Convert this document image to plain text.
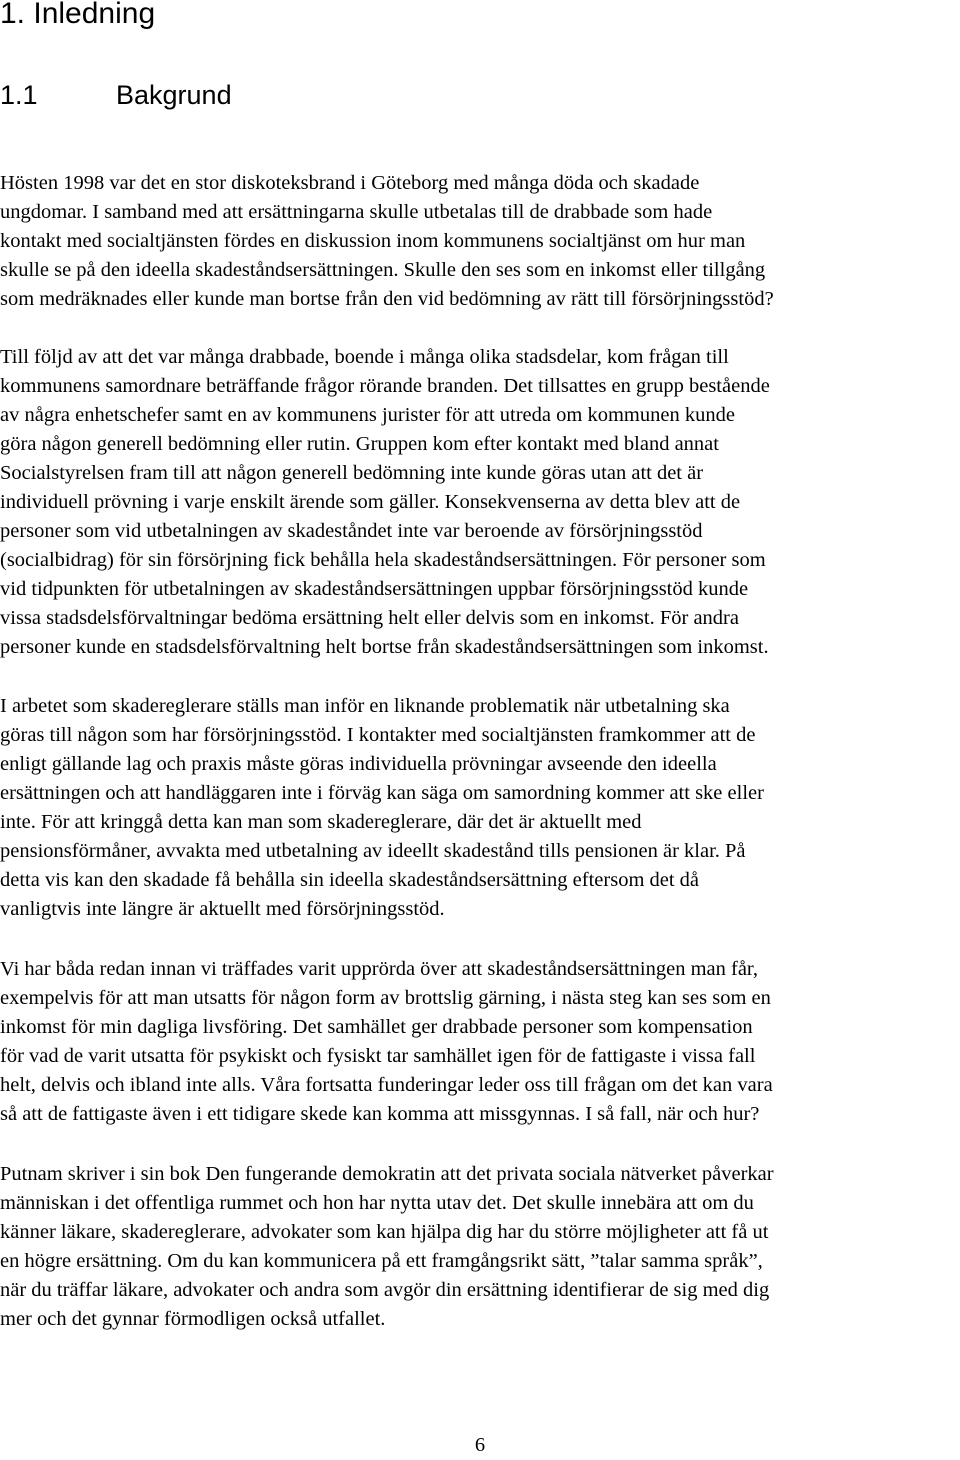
1. Inledning
1.1	Bakgrund

Hösten 1998 var det en stor diskoteksbrand i Göteborg med många döda och skadade
ungdomar. I samband med att ersättningarna skulle utbetalas till de drabbade som hade
kontakt med socialtjänsten fördes en diskussion inom kommunens socialtjänst om hur man
skulle se på den ideella skadeståndsersättningen. Skulle den ses som en inkomst eller tillgång
som medräknades eller kunde man bortse från den vid bedömning av rätt till försörjningsstöd?

Till följd av att det var många drabbade, boende i många olika stadsdelar, kom frågan till
kommunens samordnare beträffande frågor rörande branden. Det tillsattes en grupp bestående
av några enhetschefer samt en av kommunens jurister för att utreda om kommunen kunde
göra någon generell bedömning eller rutin. Gruppen kom efter kontakt med bland annat
Socialstyrelsen fram till att någon generell bedömning inte kunde göras utan att det är
individuell prövning i varje enskilt ärende som gäller. Konsekvenserna av detta blev att de
personer som vid utbetalningen av skadeståndet inte var beroende av försörjningsstöd
(socialbidrag) för sin försörjning fick behålla hela skadeståndsersättningen. För personer som
vid tidpunkten för utbetalningen av skadeståndsersättningen uppbar försörjningsstöd kunde
vissa stadsdelsförvaltningar bedöma ersättning helt eller delvis som en inkomst. För andra
personer kunde en stadsdelsförvaltning helt bortse från skadeståndsersättningen som inkomst.

I arbetet som skadereglerare ställs man inför en liknande problematik när utbetalning ska
göras till någon som har försörjningsstöd. I kontakter med socialtjänsten framkommer att de
enligt gällande lag och praxis måste göras individuella prövningar avseende den ideella
ersättningen och att handläggaren inte i förväg kan säga om samordning kommer att ske eller
inte. För att kringgå detta kan man som skadereglerare, där det är aktuellt med
pensionsförmåner, avvakta med utbetalning av ideellt skadestånd tills pensionen är klar. På
detta vis kan den skadade få behålla sin ideella skadeståndsersättning eftersom det då
vanligtvis inte längre är aktuellt med försörjningsstöd.

Vi har båda redan innan vi träffades varit upprörda över att skadeståndsersättningen man får,
exempelvis för att man utsatts för någon form av brottslig gärning, i nästa steg kan ses som en
inkomst för min dagliga livsföring. Det samhället ger drabbade personer som kompensation
för vad de varit utsatta för psykiskt och fysiskt tar samhället igen för de fattigaste i vissa fall
helt, delvis och ibland inte alls. Våra fortsatta funderingar leder oss till frågan om det kan vara
så att de fattigaste även i ett tidigare skede kan komma att missgynnas. I så fall, när och hur?

Putnam skriver i sin bok Den fungerande demokratin att det privata sociala nätverket påverkar
människan i det offentliga rummet och hon har nytta utav det. Det skulle innebära att om du
känner läkare, skadereglerare, advokater som kan hjälpa dig har du större möjligheter att få ut
en högre ersättning. Om du kan kommunicera på ett framgångsrikt sätt, ”talar samma språk”,
när du träffar läkare, advokater och andra som avgör din ersättning identifierar de sig med dig
mer och det gynnar förmodligen också utfallet.

6
